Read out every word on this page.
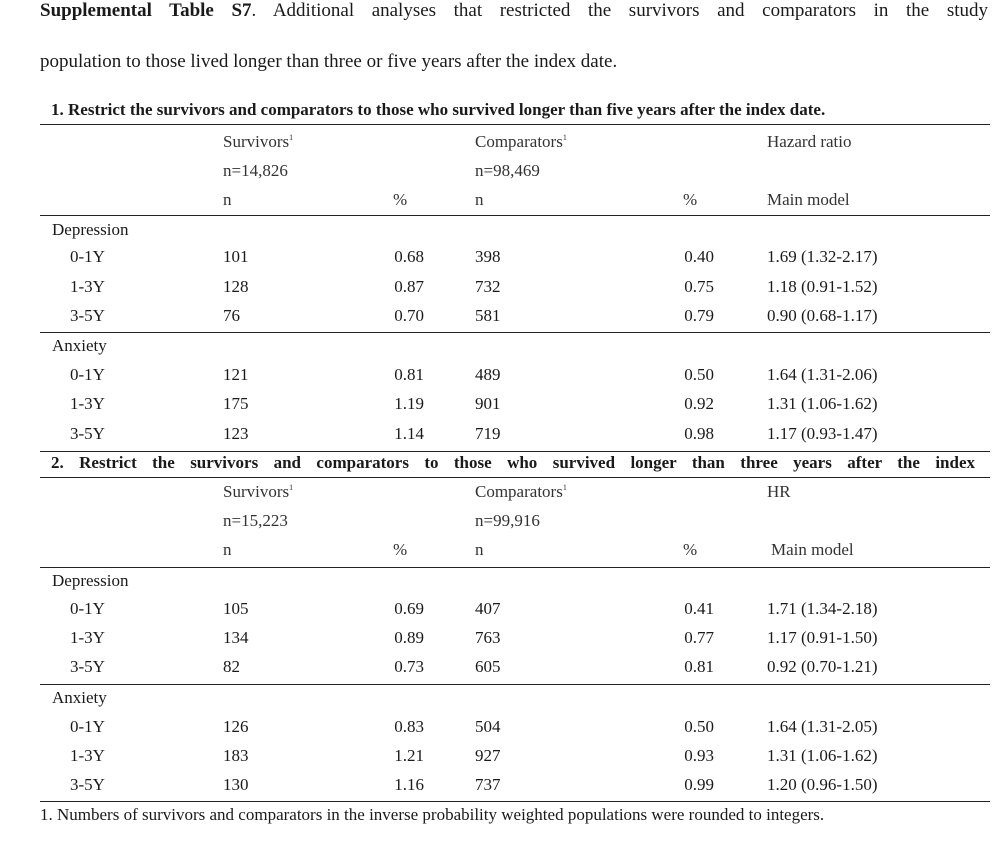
Supplemental Table S7. Additional analyses that restricted the survivors and comparators in the study
population to those lived longer than three or five years after the index date.
1. Restrict the survivors and comparators to those who survived longer than five years after the index date.
Survivors$^1$	Comparators$^1$	Hazard ratio
n=14,826	n=98,469
n	%	n	%	Main model
Depression
0-1Y	101	0.68	398	0.40	1.69 (1.32-2.17)
1-3Y	128	0.87	732	0.75	1.18 (0.91-1.52)
3-5Y	76	0.70	581	0.79	0.90 (0.68-1.17)
Anxiety
0-1Y	121	0.81	489	0.50	1.64 (1.31-2.06)
1-3Y	175	1.19	901	0.92	1.31 (1.06-1.62)
3-5Y	123	1.14	719	0.98	1.17 (0.93-1.47)
2. Restrict the survivors and comparators to those who survived longer than three years after the index
Survivors$^1$	Comparators$^1$	HR
n=15,223	n=99,916
n	%	n	%	Main model
Depression
0-1Y	105	0.69	407	0.41	1.71 (1.34-2.18)
1-3Y	134	0.89	763	0.77	1.17 (0.91-1.50)
3-5Y	82	0.73	605	0.81	0.92 (0.70-1.21)
Anxiety
0-1Y	126	0.83	504	0.50	1.64 (1.31-2.05)
1-3Y	183	1.21	927	0.93	1.31 (1.06-1.62)
3-5Y	130	1.16	737	0.99	1.20 (0.96-1.50)
1. Numbers of survivors and comparators in the inverse probability weighted populations were rounded to integers.
